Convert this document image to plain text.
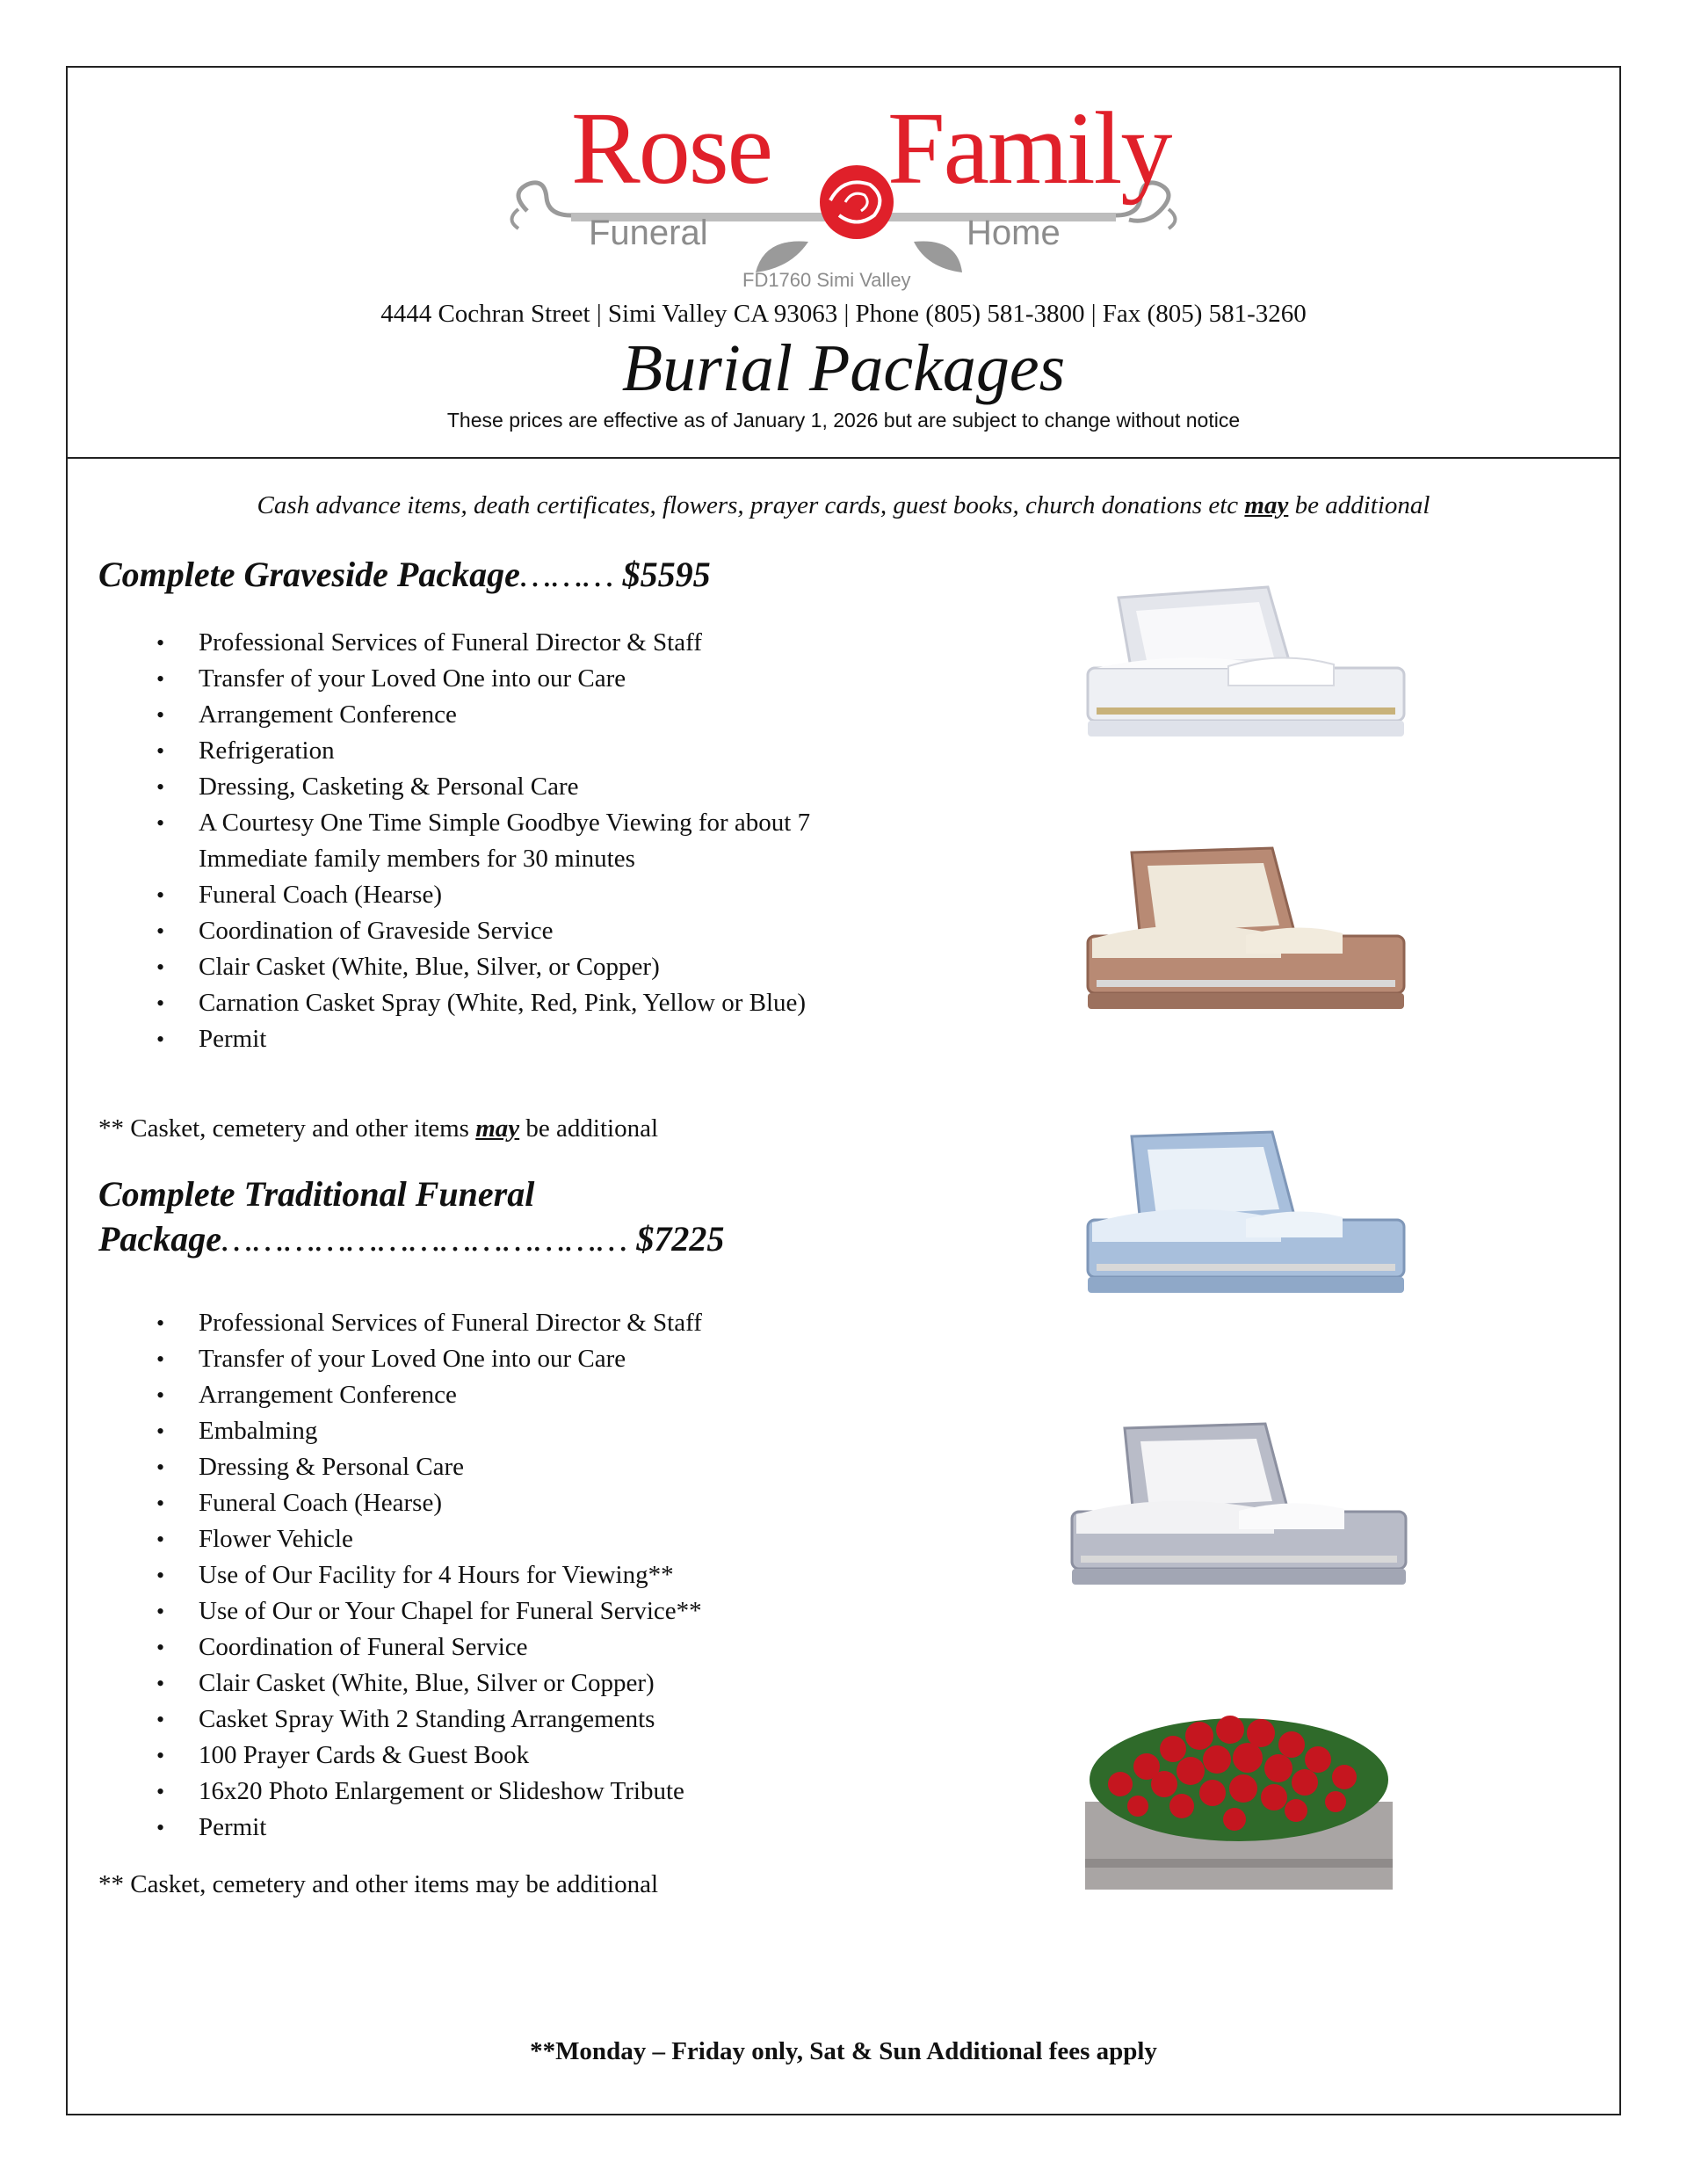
Rose Family
Funeral	Home
FD1760 Simi Valley
4444 Cochran Street | Simi Valley CA 93063 | Phone (805) 581-3800 | Fax (805) 581-3260
Burial Packages
These prices are effective as of January 1, 2026 but are subject to change without notice
Cash advance items, death certificates, flowers, prayer cards, guest books, church donations etc may be additional
Complete Graveside Package……… $5595
• Professional Services of Funeral Director & Staff
• Transfer of your Loved One into our Care
• Arrangement Conference
• Refrigeration
• Dressing, Casketing & Personal Care
• A Courtesy One Time Simple Goodbye Viewing for about 7 Immediate family members for 30 minutes
• Funeral Coach (Hearse)
• Coordination of Graveside Service
• Clair Casket (White, Blue, Silver, or Copper)
• Carnation Casket Spray (White, Red, Pink, Yellow or Blue)
• Permit
** Casket, cemetery and other items may be additional
Complete Traditional Funeral
Package………………………………… $7225
• Professional Services of Funeral Director & Staff
• Transfer of your Loved One into our Care
• Arrangement Conference
• Embalming
• Dressing & Personal Care
• Funeral Coach (Hearse)
• Flower Vehicle
• Use of Our Facility for 4 Hours for Viewing**
• Use of Our or Your Chapel for Funeral Service**
• Coordination of Funeral Service
• Clair Casket (White, Blue, Silver or Copper)
• Casket Spray With 2 Standing Arrangements
• 100 Prayer Cards & Guest Book
• 16x20 Photo Enlargement or Slideshow Tribute
• Permit
** Casket, cemetery and other items may be additional
**Monday – Friday only, Sat & Sun Additional fees apply
